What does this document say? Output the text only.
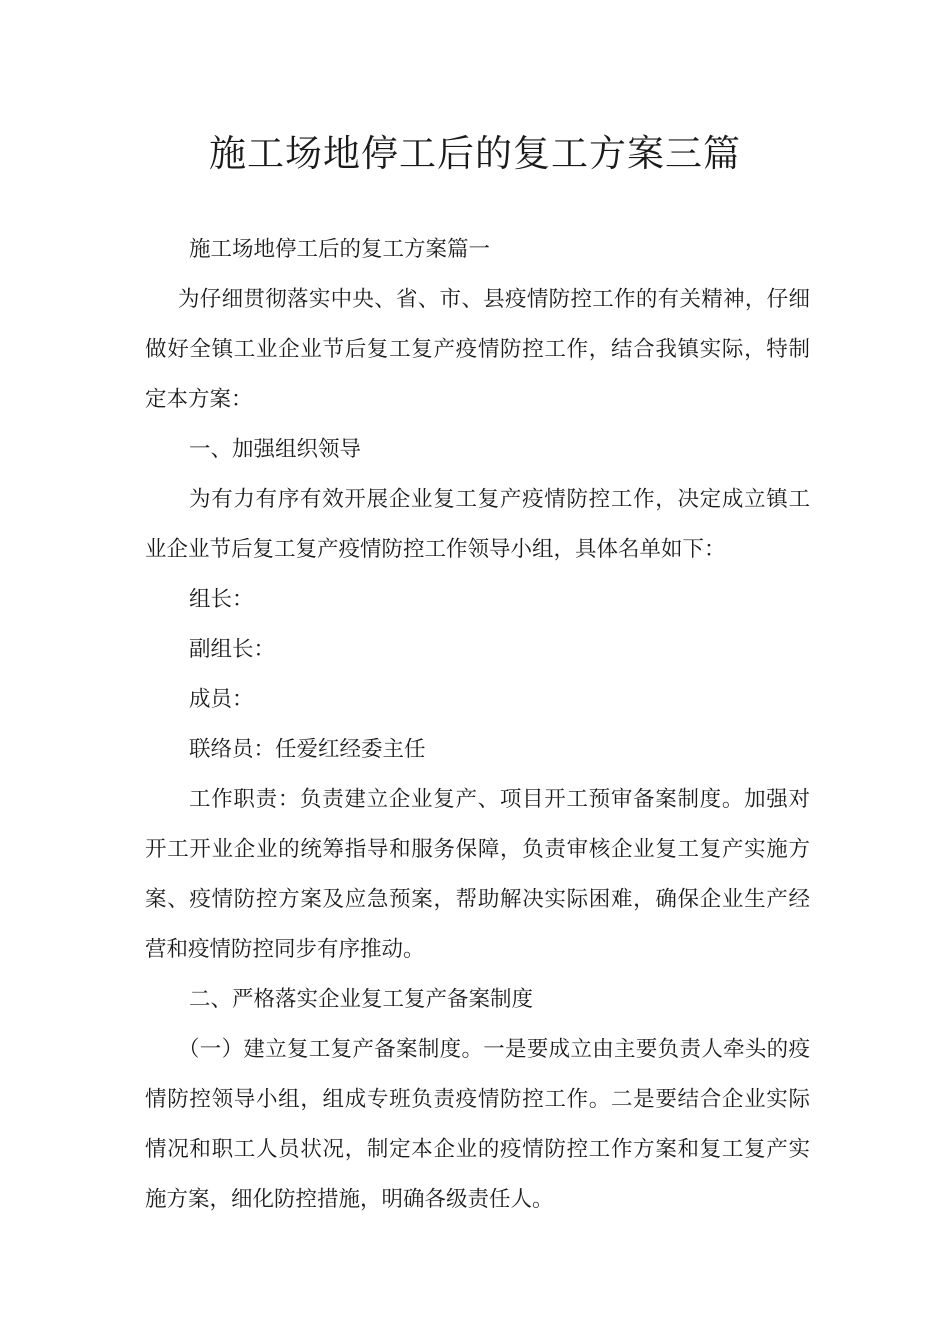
施工场地停工后的复工方案三篇

施工场地停工后的复工方案篇一

为仔细贯彻落实中央、省、市、县疫情防控工作的有关精神，仔细做好全镇工业企业节后复工复产疫情防控工作，结合我镇实际，特制定本方案：

一、加强组织领导

为有力有序有效开展企业复工复产疫情防控工作，决定成立镇工业企业节后复工复产疫情防控工作领导小组，具体名单如下：

组长：

副组长：

成员：

联络员：任爱红经委主任

工作职责：负责建立企业复产、项目开工预审备案制度。加强对开工开业企业的统筹指导和服务保障，负责审核企业复工复产实施方案、疫情防控方案及应急预案，帮助解决实际困难，确保企业生产经营和疫情防控同步有序推动。

二、严格落实企业复工复产备案制度

（一）建立复工复产备案制度。一是要成立由主要负责人牵头的疫情防控领导小组，组成专班负责疫情防控工作。二是要结合企业实际情况和职工人员状况，制定本企业的疫情防控工作方案和复工复产实施方案，细化防控措施，明确各级责任人。
